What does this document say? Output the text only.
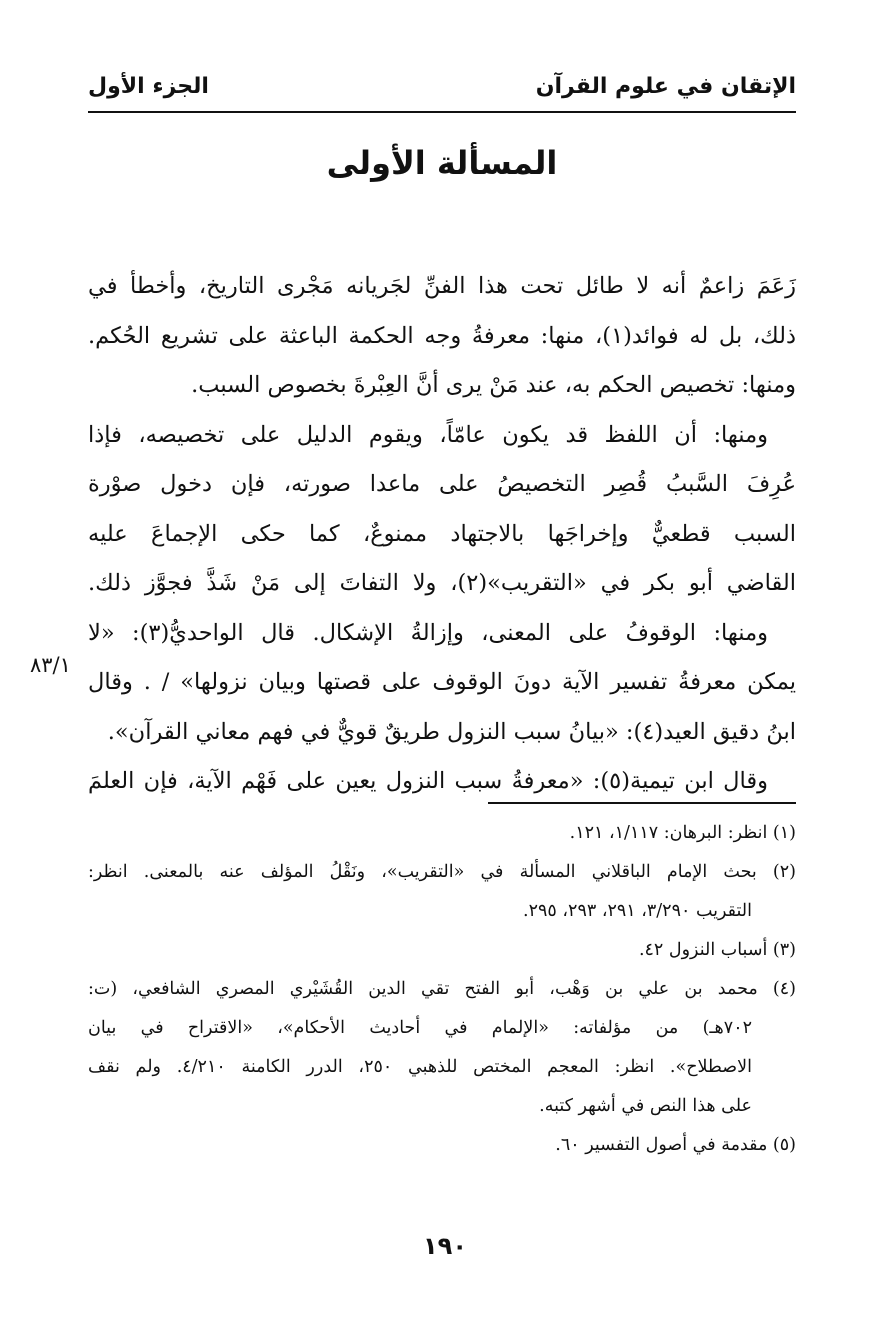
الإتقان في علوم القرآن
الجزء الأول
المسألة الأولى
زَعَمَ زاعمٌ أنه لا طائل تحت هذا الفنِّ لجَريانه مَجْرى التاريخ، وأخطأ في
ذلك، بل له فوائد(١)، منها: معرفةُ وجه الحكمة الباعثة على تشريع الحُكم.
ومنها: تخصيص الحكم به، عند مَنْ يرى أنَّ العِبْرةَ بخصوص السبب.
ومنها: أن اللفظ قد يكون عامّاً، ويقوم الدليل على تخصيصه، فإذا
عُرِفَ السَّببُ قُصِر التخصيصُ على ماعدا صورته، فإن دخول صوْرة
السبب قطعيٌّ وإخراجَها بالاجتهاد ممنوعٌ، كما حكى الإجماعَ عليه
القاضي أبو بكر في «التقريب»(٢)، ولا التفاتَ إلى مَنْ شَذَّ فجوَّز ذلك.
ومنها: الوقوفُ على المعنى، وإزالةُ الإشكال. قال الواحديُّ(٣): «لا
يمكن معرفةُ تفسير الآية دونَ الوقوف على قصتها وبيان نزولها» / . وقال
ابنُ دقيق العيد(٤): «بيانُ سبب النزول طريقٌ قويٌّ في فهم معاني القرآن».
وقال ابن تيمية(٥): «معرفةُ سبب النزول يعين على فَهْم الآية، فإن العلمَ
٨٣/١
(١) انظر: البرهان: ١/١١٧، ١٢١.
(٢) بحث الإمام الباقلاني المسألة في «التقريب»، ونَقْلُ المؤلف عنه بالمعنى. انظر:
التقريب ٣/٢٩٠، ٢٩١، ٢٩٣، ٢٩٥.
(٣) أسباب النزول ٤٢.
(٤) محمد بن علي بن وَهْب، أبو الفتح تقي الدين القُشَيْري المصري الشافعي، (ت:
٧٠٢هـ) من مؤلفاته: «الإلمام في أحاديث الأحكام»، «الاقتراح في بيان
الاصطلاح». انظر: المعجم المختص للذهبي ٢٥٠، الدرر الكامنة ٤/٢١٠. ولم نقف
على هذا النص في أشهر كتبه.
(٥) مقدمة في أصول التفسير ٦٠.
١٩٠
